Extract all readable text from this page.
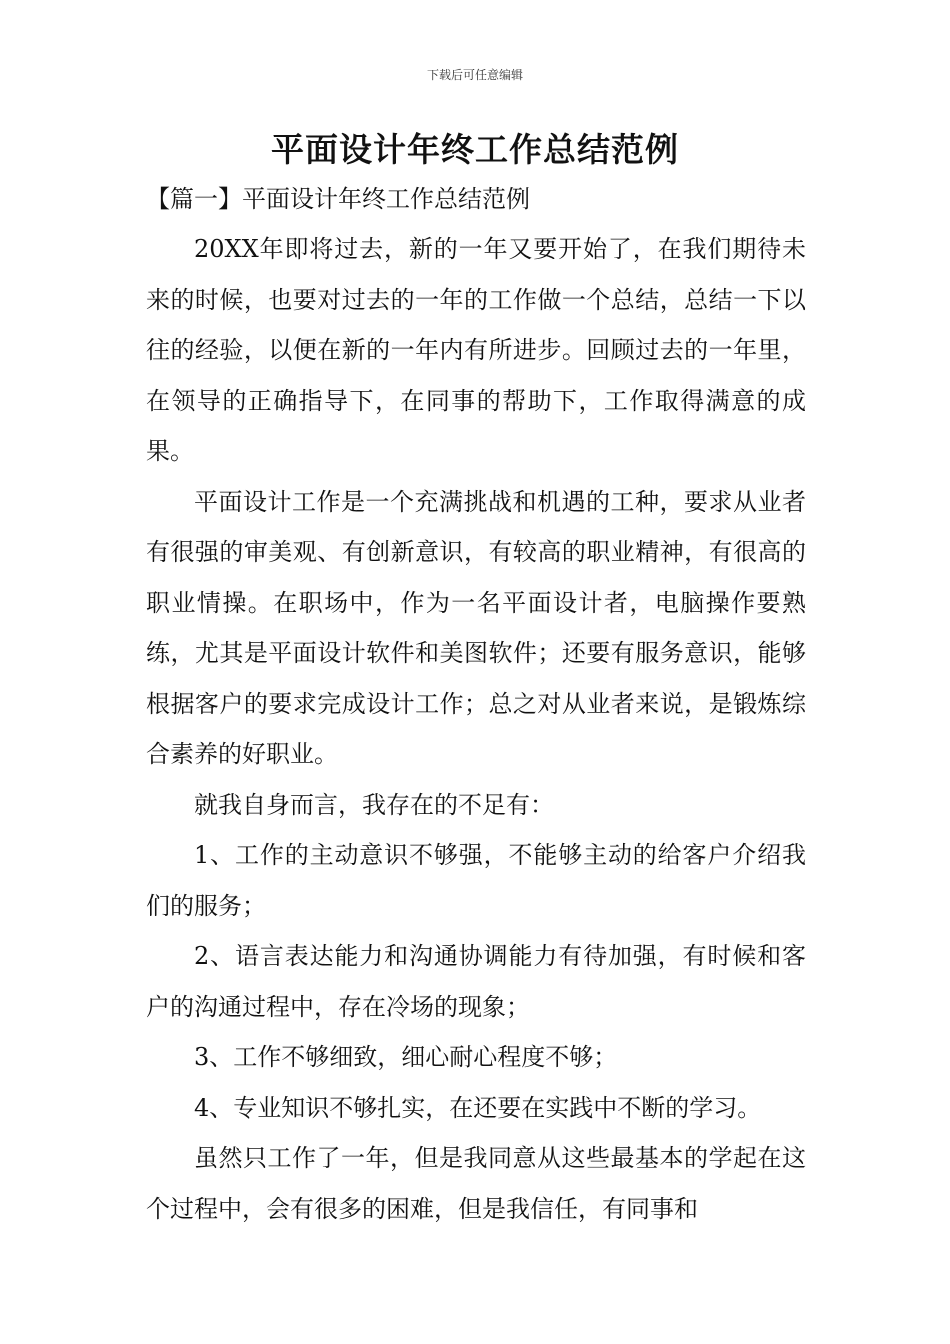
下载后可任意编辑
平面设计年终工作总结范例
【篇一】平面设计年终工作总结范例

20XX年即将过去，新的一年又要开始了，在我们期待未来的时候，也要对过去的一年的工作做一个总结，总结一下以往的经验，以便在新的一年内有所进步。回顾过去的一年里，在领导的正确指导下，在同事的帮助下，工作取得满意的成果。

平面设计工作是一个充满挑战和机遇的工种，要求从业者有很强的审美观、有创新意识，有较高的职业精神，有很高的职业情操。在职场中，作为一名平面设计者，电脑操作要熟练，尤其是平面设计软件和美图软件；还要有服务意识，能够根据客户的要求完成设计工作；总之对从业者来说，是锻炼综合素养的好职业。

就我自身而言，我存在的不足有：

1、工作的主动意识不够强，不能够主动的给客户介绍我们的服务；

2、语言表达能力和沟通协调能力有待加强，有时候和客户的沟通过程中，存在冷场的现象；

3、工作不够细致，细心耐心程度不够；

4、专业知识不够扎实，在还要在实践中不断的学习。

虽然只工作了一年，但是我同意从这些最基本的学起在这个过程中，会有很多的困难，但是我信任，有同事和
